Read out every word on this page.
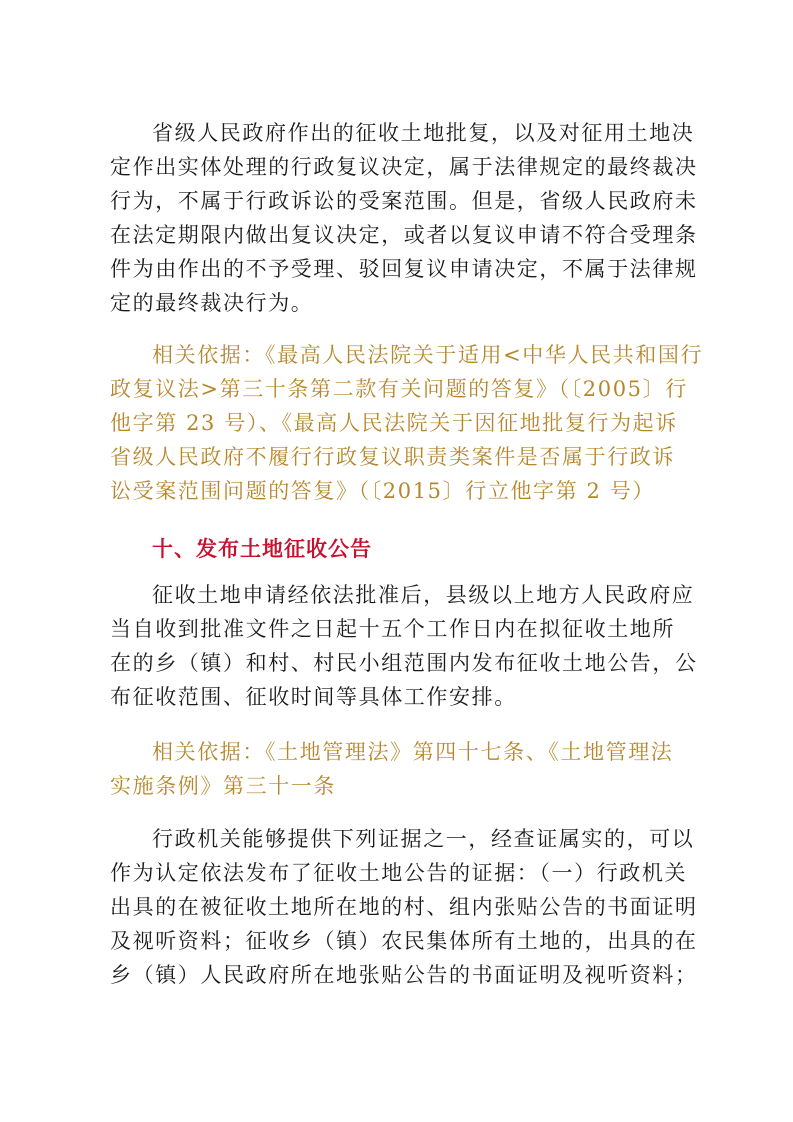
省级人民政府作出的征收土地批复，以及对征用土地决
定作出实体处理的行政复议决定，属于法律规定的最终裁决
行为，不属于行政诉讼的受案范围。但是，省级人民政府未
在法定期限内做出复议决定，或者以复议申请不符合受理条
件为由作出的不予受理、驳回复议申请决定，不属于法律规
定的最终裁决行为。
相关依据：《最高人民法院关于适用<中华人民共和国行
政复议法>第三十条第二款有关问题的答复》（〔2005〕行
他字第 23 号）、《最高人民法院关于因征地批复行为起诉
省级人民政府不履行行政复议职责类案件是否属于行政诉
讼受案范围问题的答复》（〔2015〕行立他字第 2 号）
十、发布土地征收公告
征收土地申请经依法批准后，县级以上地方人民政府应
当自收到批准文件之日起十五个工作日内在拟征收土地所
在的乡（镇）和村、村民小组范围内发布征收土地公告，公
布征收范围、征收时间等具体工作安排。
相关依据：《土地管理法》第四十七条、《土地管理法
实施条例》第三十一条
行政机关能够提供下列证据之一，经查证属实的，可以
作为认定依法发布了征收土地公告的证据：（一）行政机关
出具的在被征收土地所在地的村、组内张贴公告的书面证明
及视听资料；征收乡（镇）农民集体所有土地的，出具的在
乡（镇）人民政府所在地张贴公告的书面证明及视听资料；
